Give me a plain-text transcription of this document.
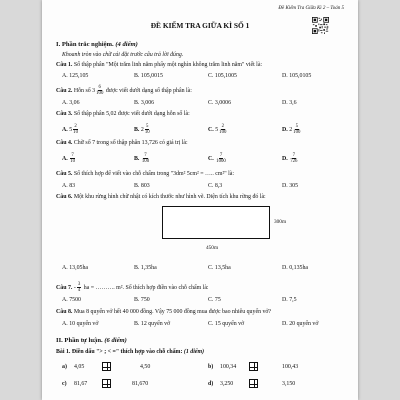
Đề Kiểm Tra Giữa Kì 2 – Toán 5
ĐỀ KIỂM TRA GIỮA KÌ SỐ 1
I. Phần trắc nghiệm. (4 điểm)
Khoanh tròn vào chữ cái đặt trước câu trả lời đúng.
Câu 1. Số thập phân "Một trăm linh năm phẩy một nghìn không trăm linh năm" viết là:
A. 125,105	B. 105,0015	C. 105,1005	D. 105,0105
Câu 2. Hỗn số $3 \frac{6}{100}$ được viết dưới dạng số thập phân là:
A. 3,06	B. 3,006	C. 3,0006	D. 3,6
Câu 3. Số thập phân 5,02 được viết dưới dạng hỗn số là:
A. $5 \frac{2}{10}$	B. $2 \frac{5}{10}$	C. $5 \frac{2}{100}$	D. $2 \frac{5}{100}$
Câu 4. Chữ số 7 trong số thập phân 13,726 có giá trị là:
A. $\frac{7}{10}$	B. $\frac{7}{100}$	C. $\frac{7}{1000}$	D. $\frac{7}{726}$
Câu 5. Số thích hợp để viết vào chỗ chấm trong "3dm² 5cm² = ….. cm²" là:
A. 83	B. 803	C. 8,3	D. 305
Câu 6. Một khu rừng hình chữ nhật có kích thước như hình vẽ. Diện tích khu rừng đó là:
300m
450m
A. 13,05ha	B. 1,35ha	C. 13,5ha	D. 0,135ha
Câu 7. - $\frac{3}{4}$ ha = ………. m². Số thích hợp điền vào chỗ chấm là:
A. 7500	B. 750	C. 75	D. 7,5
Câu 8. Mua 8 quyển vở hết 40 000 đồng. Vậy 75 000 đồng mua được bao nhiêu quyển vở?
A. 10 quyển vở	B. 12 quyển vở	C. 15 quyển vở	D. 20 quyển vở
II. Phần tự luận. (6 điểm)
Bài 1. Điền dấu "> ; < =" thích hợp vào chỗ chấm: (1 điểm)
a) 4,05	4,50	b) 100,34	100,43
c) 81,67	81,670	d) 3,250	3,150
